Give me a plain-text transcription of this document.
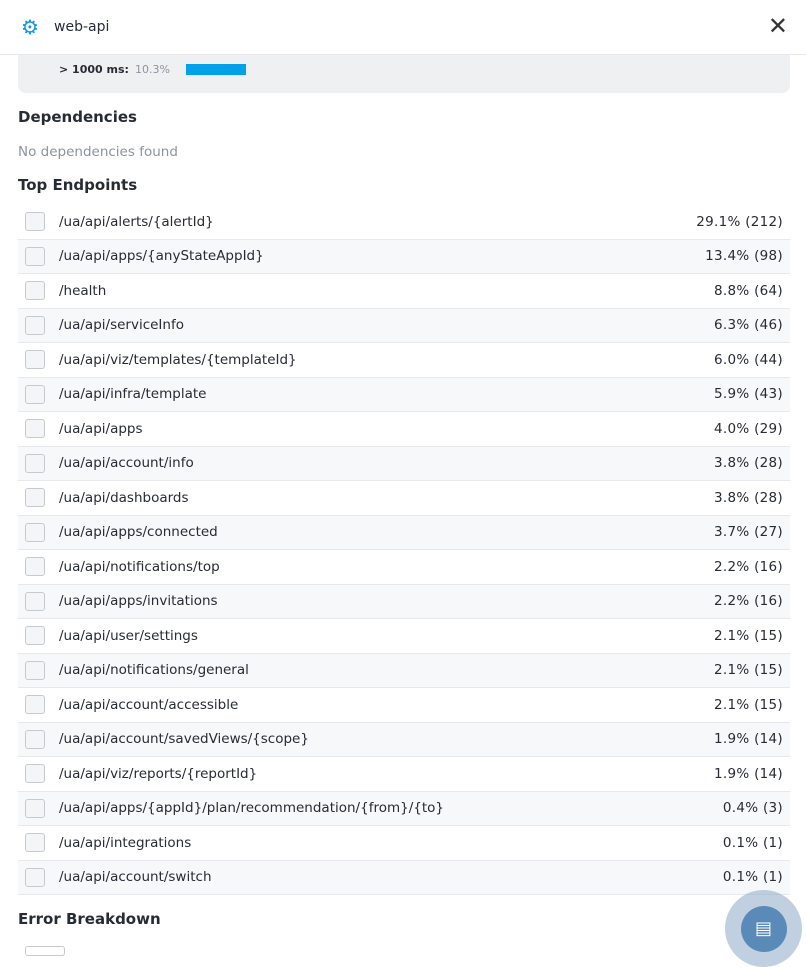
⚙ web-api	✕
> 1000 ms: 10.3%
Dependencies
No dependencies found
Top Endpoints
/ua/api/alerts/{alertId}	29.1% (212)
/ua/api/apps/{anyStateAppId}	13.4% (98)
/health	8.8% (64)
/ua/api/serviceInfo	6.3% (46)
/ua/api/viz/templates/{templateId}	6.0% (44)
/ua/api/infra/template	5.9% (43)
/ua/api/apps	4.0% (29)
/ua/api/account/info	3.8% (28)
/ua/api/dashboards	3.8% (28)
/ua/api/apps/connected	3.7% (27)
/ua/api/notifications/top	2.2% (16)
/ua/api/apps/invitations	2.2% (16)
/ua/api/user/settings	2.1% (15)
/ua/api/notifications/general	2.1% (15)
/ua/api/account/accessible	2.1% (15)
/ua/api/account/savedViews/{scope}	1.9% (14)
/ua/api/viz/reports/{reportId}	1.9% (14)
/ua/api/apps/{appId}/plan/recommendation/{from}/{to}	0.4% (3)
/ua/api/integrations	0.1% (1)
/ua/api/account/switch	0.1% (1)
Error Breakdown	▤
